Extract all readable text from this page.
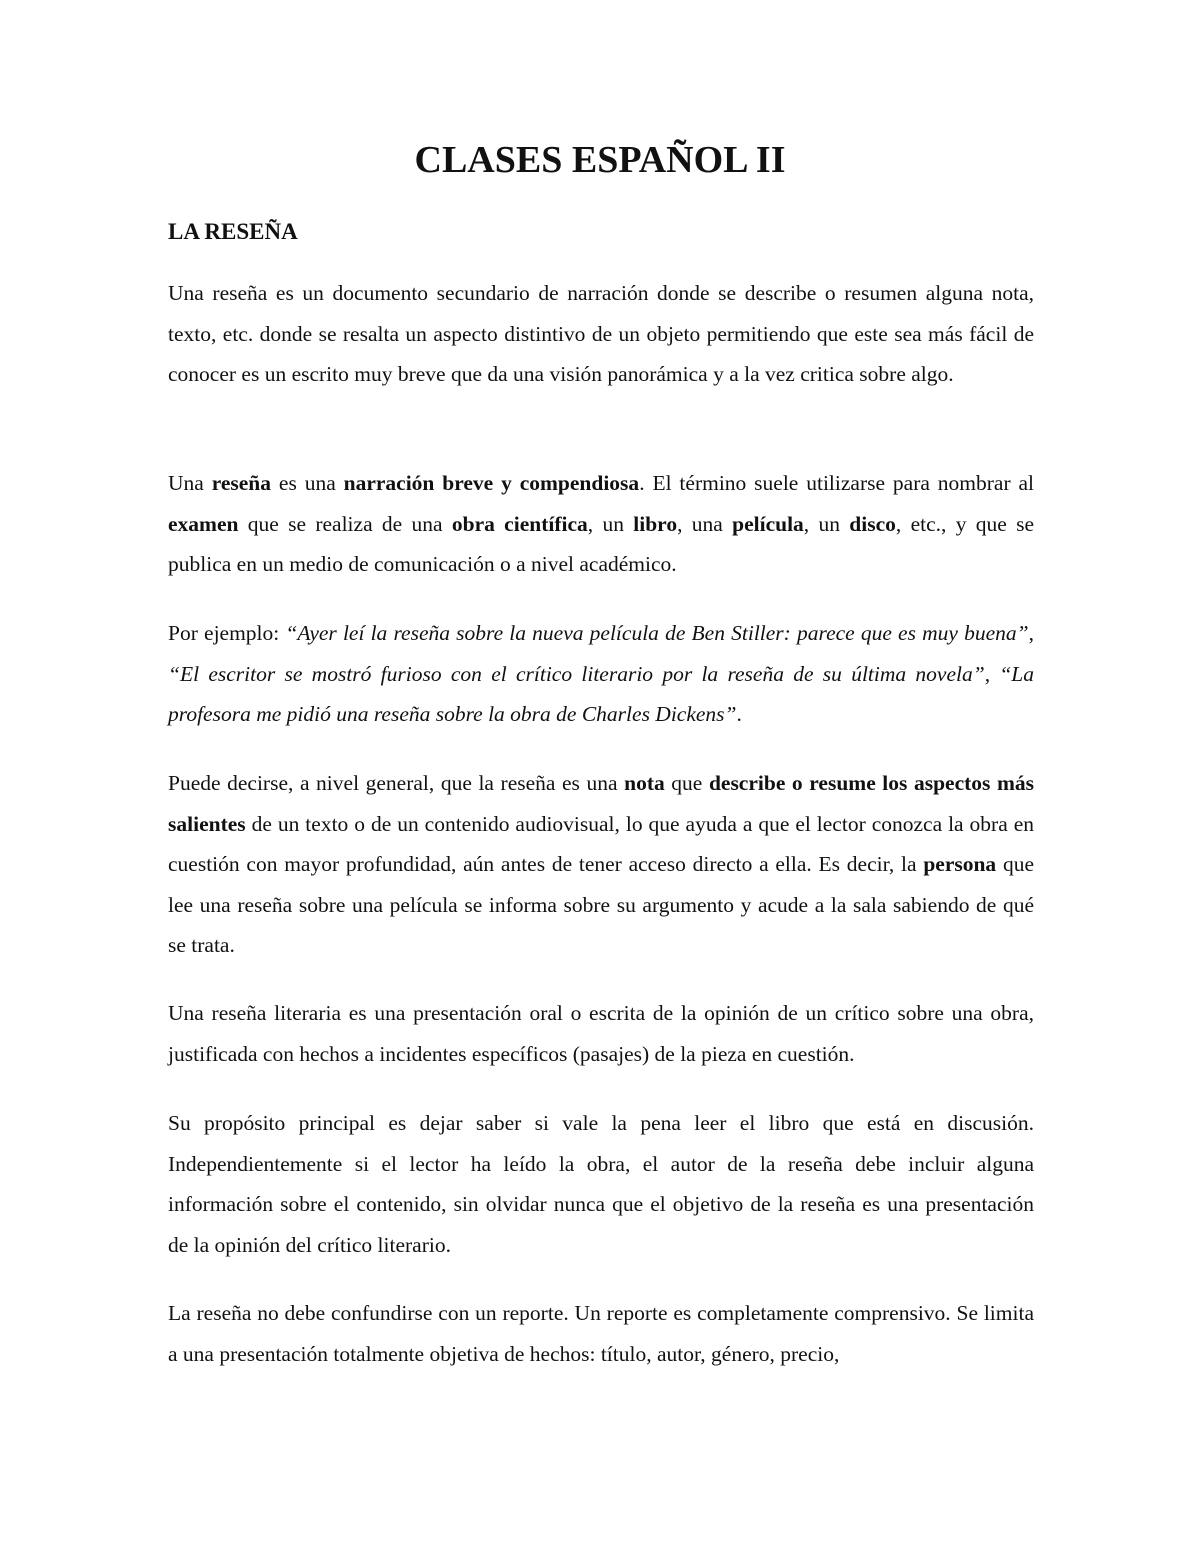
CLASES ESPAÑOL II
LA RESEÑA

Una reseña es un documento secundario de narración donde se describe o resumen alguna nota, texto, etc. donde se resalta un aspecto distintivo de un objeto permitiendo que este sea más fácil de conocer es un escrito muy breve que da una visión panorámica y a la vez critica sobre algo.

Una reseña es una narración breve y compendiosa. El término suele utilizarse para nombrar al examen que se realiza de una obra científica, un libro, una película, un disco, etc., y que se publica en un medio de comunicación o a nivel académico.

Por ejemplo: “Ayer leí la reseña sobre la nueva película de Ben Stiller: parece que es muy buena”, “El escritor se mostró furioso con el crítico literario por la reseña de su última novela”, “La profesora me pidió una reseña sobre la obra de Charles Dickens”.

Puede decirse, a nivel general, que la reseña es una nota que describe o resume los aspectos más salientes de un texto o de un contenido audiovisual, lo que ayuda a que el lector conozca la obra en cuestión con mayor profundidad, aún antes de tener acceso directo a ella. Es decir, la persona que lee una reseña sobre una película se informa sobre su argumento y acude a la sala sabiendo de qué se trata.

Una reseña literaria es una presentación oral o escrita de la opinión de un crítico sobre una obra, justificada con hechos a incidentes específicos (pasajes) de la pieza en cuestión.

Su propósito principal es dejar saber si vale la pena leer el libro que está en discusión. Independientemente si el lector ha leído la obra, el autor de la reseña debe incluir alguna información sobre el contenido, sin olvidar nunca que el objetivo de la reseña es una presentación de la opinión del crítico literario.

La reseña no debe confundirse con un reporte. Un reporte es completamente comprensivo. Se limita a una presentación totalmente objetiva de hechos: título, autor, género, precio,
